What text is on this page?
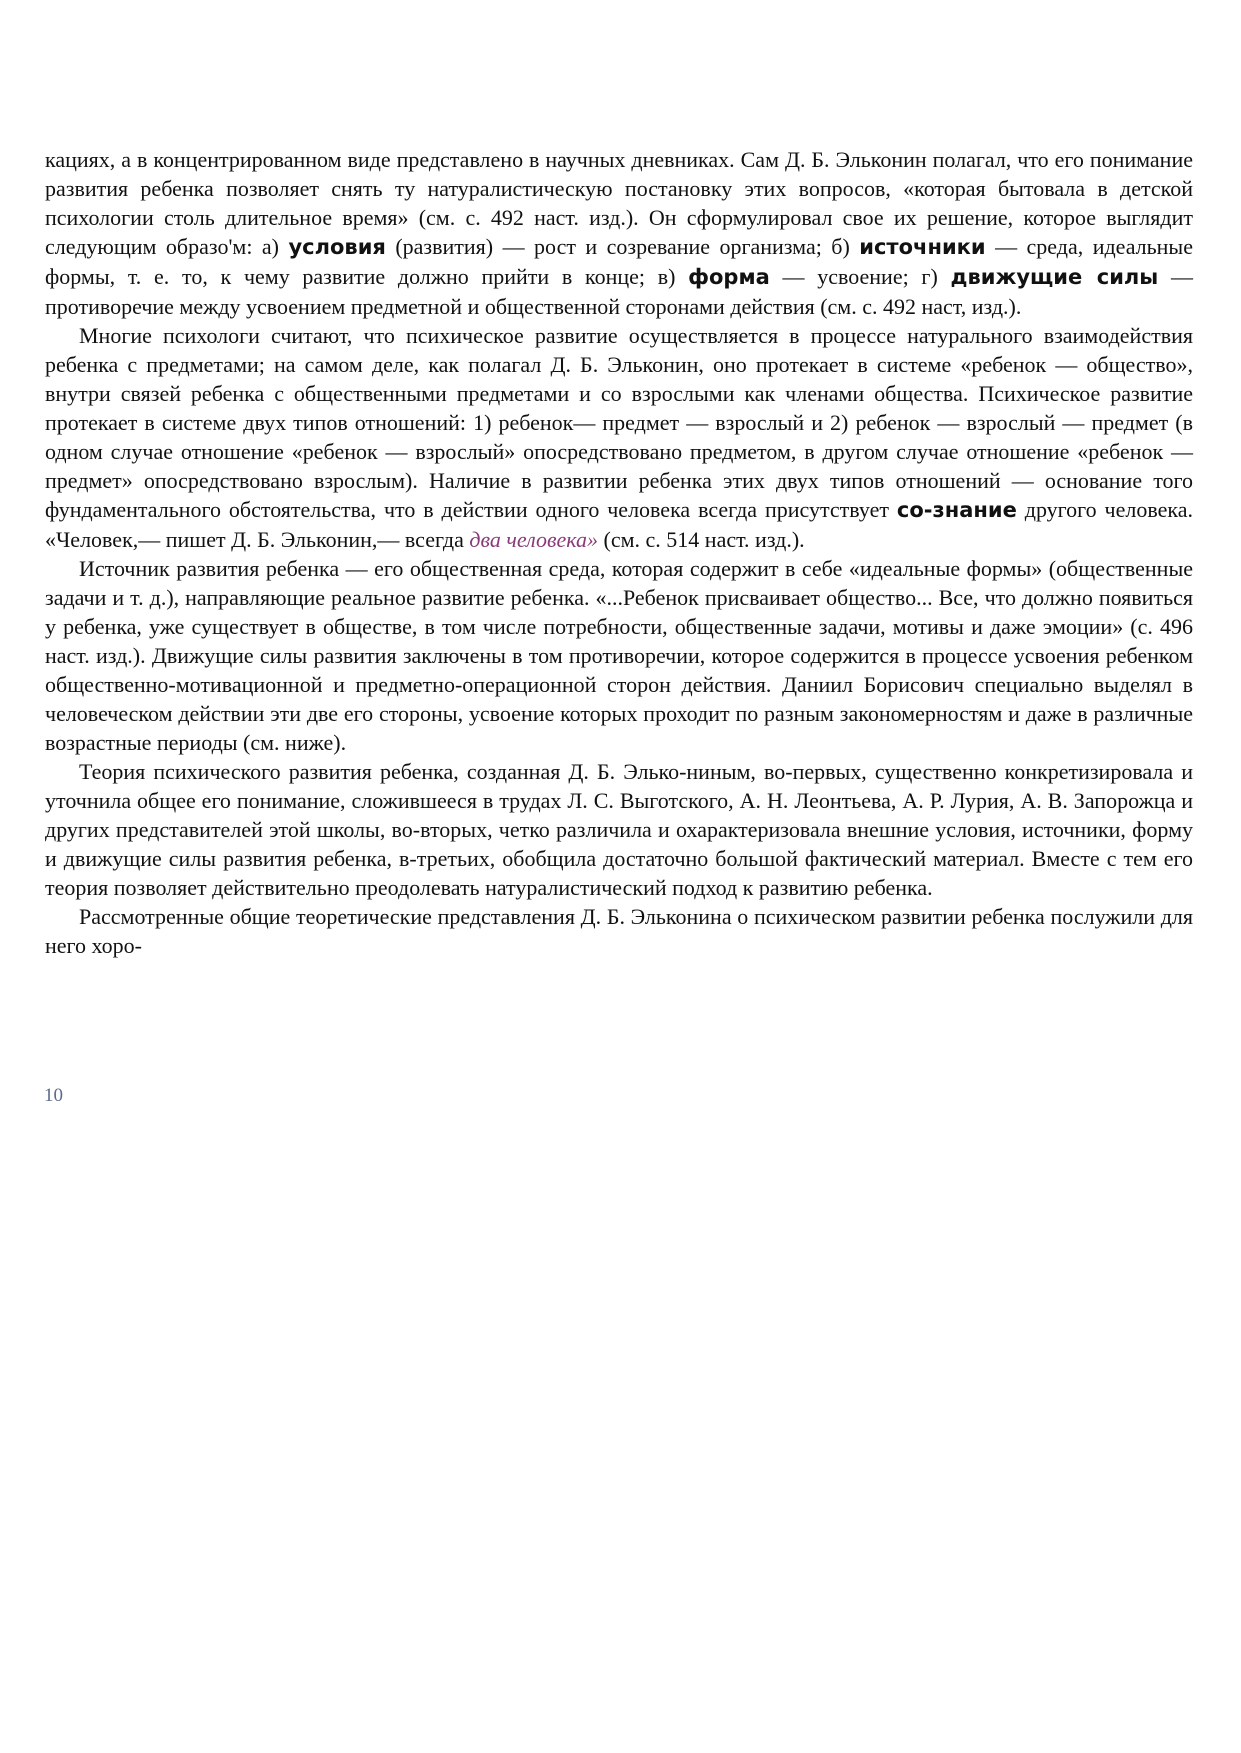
кациях, а в концентрированном виде представлено в научных дневниках. Сам Д. Б. Эльконин полагал, что его понимание развития ребенка позволяет снять ту натуралистическую постановку этих вопросов, «которая бытовала в детской психологии столь длительное время» (см. с. 492 наст. изд.). Он сформулировал свое их решение, которое выглядит следующим образо'м: а) условия (развития) — рост и созревание организма; б) источники — среда, идеальные формы, т. е. то, к чему развитие должно прийти в конце; в) форма — усвоение; г) движущие силы — противоречие между усвоением предметной и общественной сторонами действия (см. с. 492 наст, изд.).

Многие психологи считают, что психическое развитие осуществляется в процессе натурального взаимодействия ребенка с предметами; на самом деле, как полагал Д. Б. Эльконин, оно протекает в системе «ребенок — общество», внутри связей ребенка с общественными предметами и со взрослыми как членами общества. Психическое развитие протекает в системе двух типов отношений: 1) ребенок— предмет — взрослый и 2) ребенок — взрослый — предмет (в одном случае отношение «ребенок — взрослый» опосредствовано предметом, в другом случае отношение «ребенок — предмет» опосредствовано взрослым). Наличие в развитии ребенка этих двух типов отношений — основание того фундаментального обстоятельства, что в действии одного человека всегда присутствует со-знание другого человека. «Человек,— пишет Д. Б. Эльконин,— всегда два человека» (см. с. 514 наст. изд.).

Источник развития ребенка — его общественная среда, которая содержит в себе «идеальные формы» (общественные задачи и т. д.), направляющие реальное развитие ребенка. «...Ребенок присваивает общество... Все, что должно появиться у ребенка, уже существует в обществе, в том числе потребности, общественные задачи, мотивы и даже эмоции» (с. 496 наст. изд.). Движущие силы развития заключены в том противоречии, которое содержится в процессе усвоения ребенком общественно-мотивационной и предметно-операционной сторон действия. Даниил Борисович специально выделял в человеческом действии эти две его стороны, усвоение которых проходит по разным закономерностям и даже в различные возрастные периоды (см. ниже).

Теория психического развития ребенка, созданная Д. Б. Элько-ниным, во-первых, существенно конкретизировала и уточнила общее его понимание, сложившееся в трудах Л. С. Выготского, А. Н. Леонтьева, А. Р. Лурия, А. В. Запорожца и других представителей этой школы, во-вторых, четко различила и охарактеризовала внешние условия, источники, форму и движущие силы развития ребенка, в-третьих, обобщила достаточно большой фактический материал. Вместе с тем его теория позволяет действительно преодолевать натуралистический подход к развитию ребенка.

Рассмотренные общие теоретические представления Д. Б. Эльконина о психическом развитии ребенка послужили для него хоро-

10
